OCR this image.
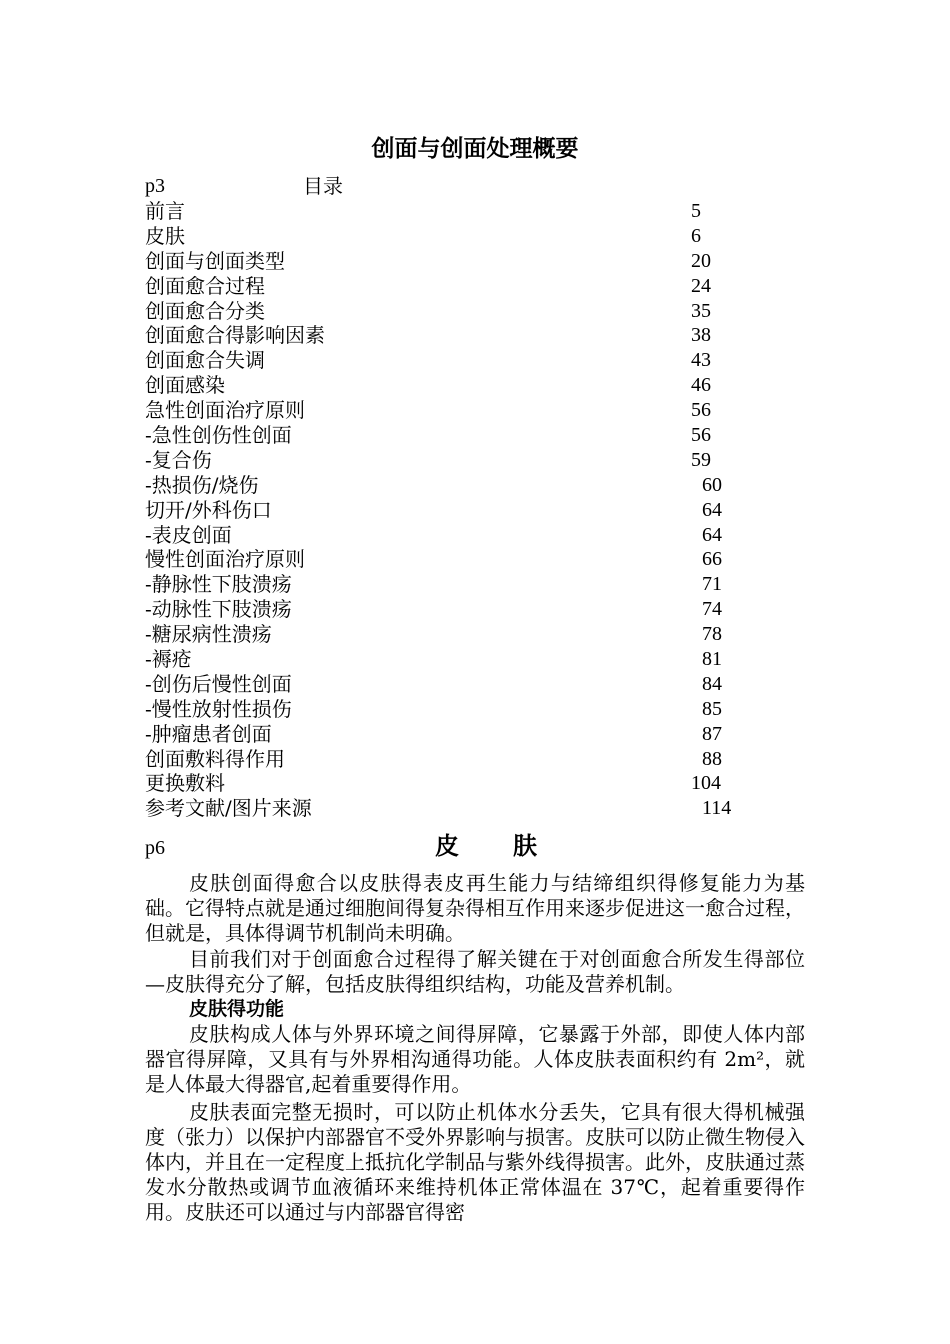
创面与创面处理概要
p3	目录
前言	5
皮肤	6
创面与创面类型	20
创面愈合过程	24
创面愈合分类	35
创面愈合得影响因素	38
创面愈合失调	43
创面感染	46
急性创面治疗原则	56
-急性创伤性创面	56
-复合伤	59
-热损伤/烧伤	60
切开/外科伤口	64
-表皮创面	64
慢性创面治疗原则	66
-静脉性下肢溃疡	71
-动脉性下肢溃疡	74
-糖尿病性溃疡	78
-褥疮	81
-创伤后慢性创面	84
-慢性放射性损伤	85
-肿瘤患者创面	87
创面敷料得作用	88
更换敷料	104
参考文献/图片来源	114
p6	皮肤

皮肤创面得愈合以皮肤得表皮再生能力与结缔组织得修复能力为基础。它得特点就是通过细胞间得复杂得相互作用来逐步促进这一愈合过程，但就是，具体得调节机制尚未明确。

目前我们对于创面愈合过程得了解关键在于对创面愈合所发生得部位—皮肤得充分了解，包括皮肤得组织结构，功能及营养机制。

皮肤得功能

皮肤构成人体与外界环境之间得屏障，它暴露于外部，即使人体内部器官得屏障，又具有与外界相沟通得功能。人体皮肤表面积约有 2m²，就是人体最大得器官,起着重要得作用。

皮肤表面完整无损时，可以防止机体水分丢失，它具有很大得机械强度（张力）以保护内部器官不受外界影响与损害。皮肤可以防止微生物侵入体内，并且在一定程度上抵抗化学制品与紫外线得损害。此外，皮肤通过蒸发水分散热或调节血液循环来维持机体正常体温在 37℃，起着重要得作用。皮肤还可以通过与内部器官得密
